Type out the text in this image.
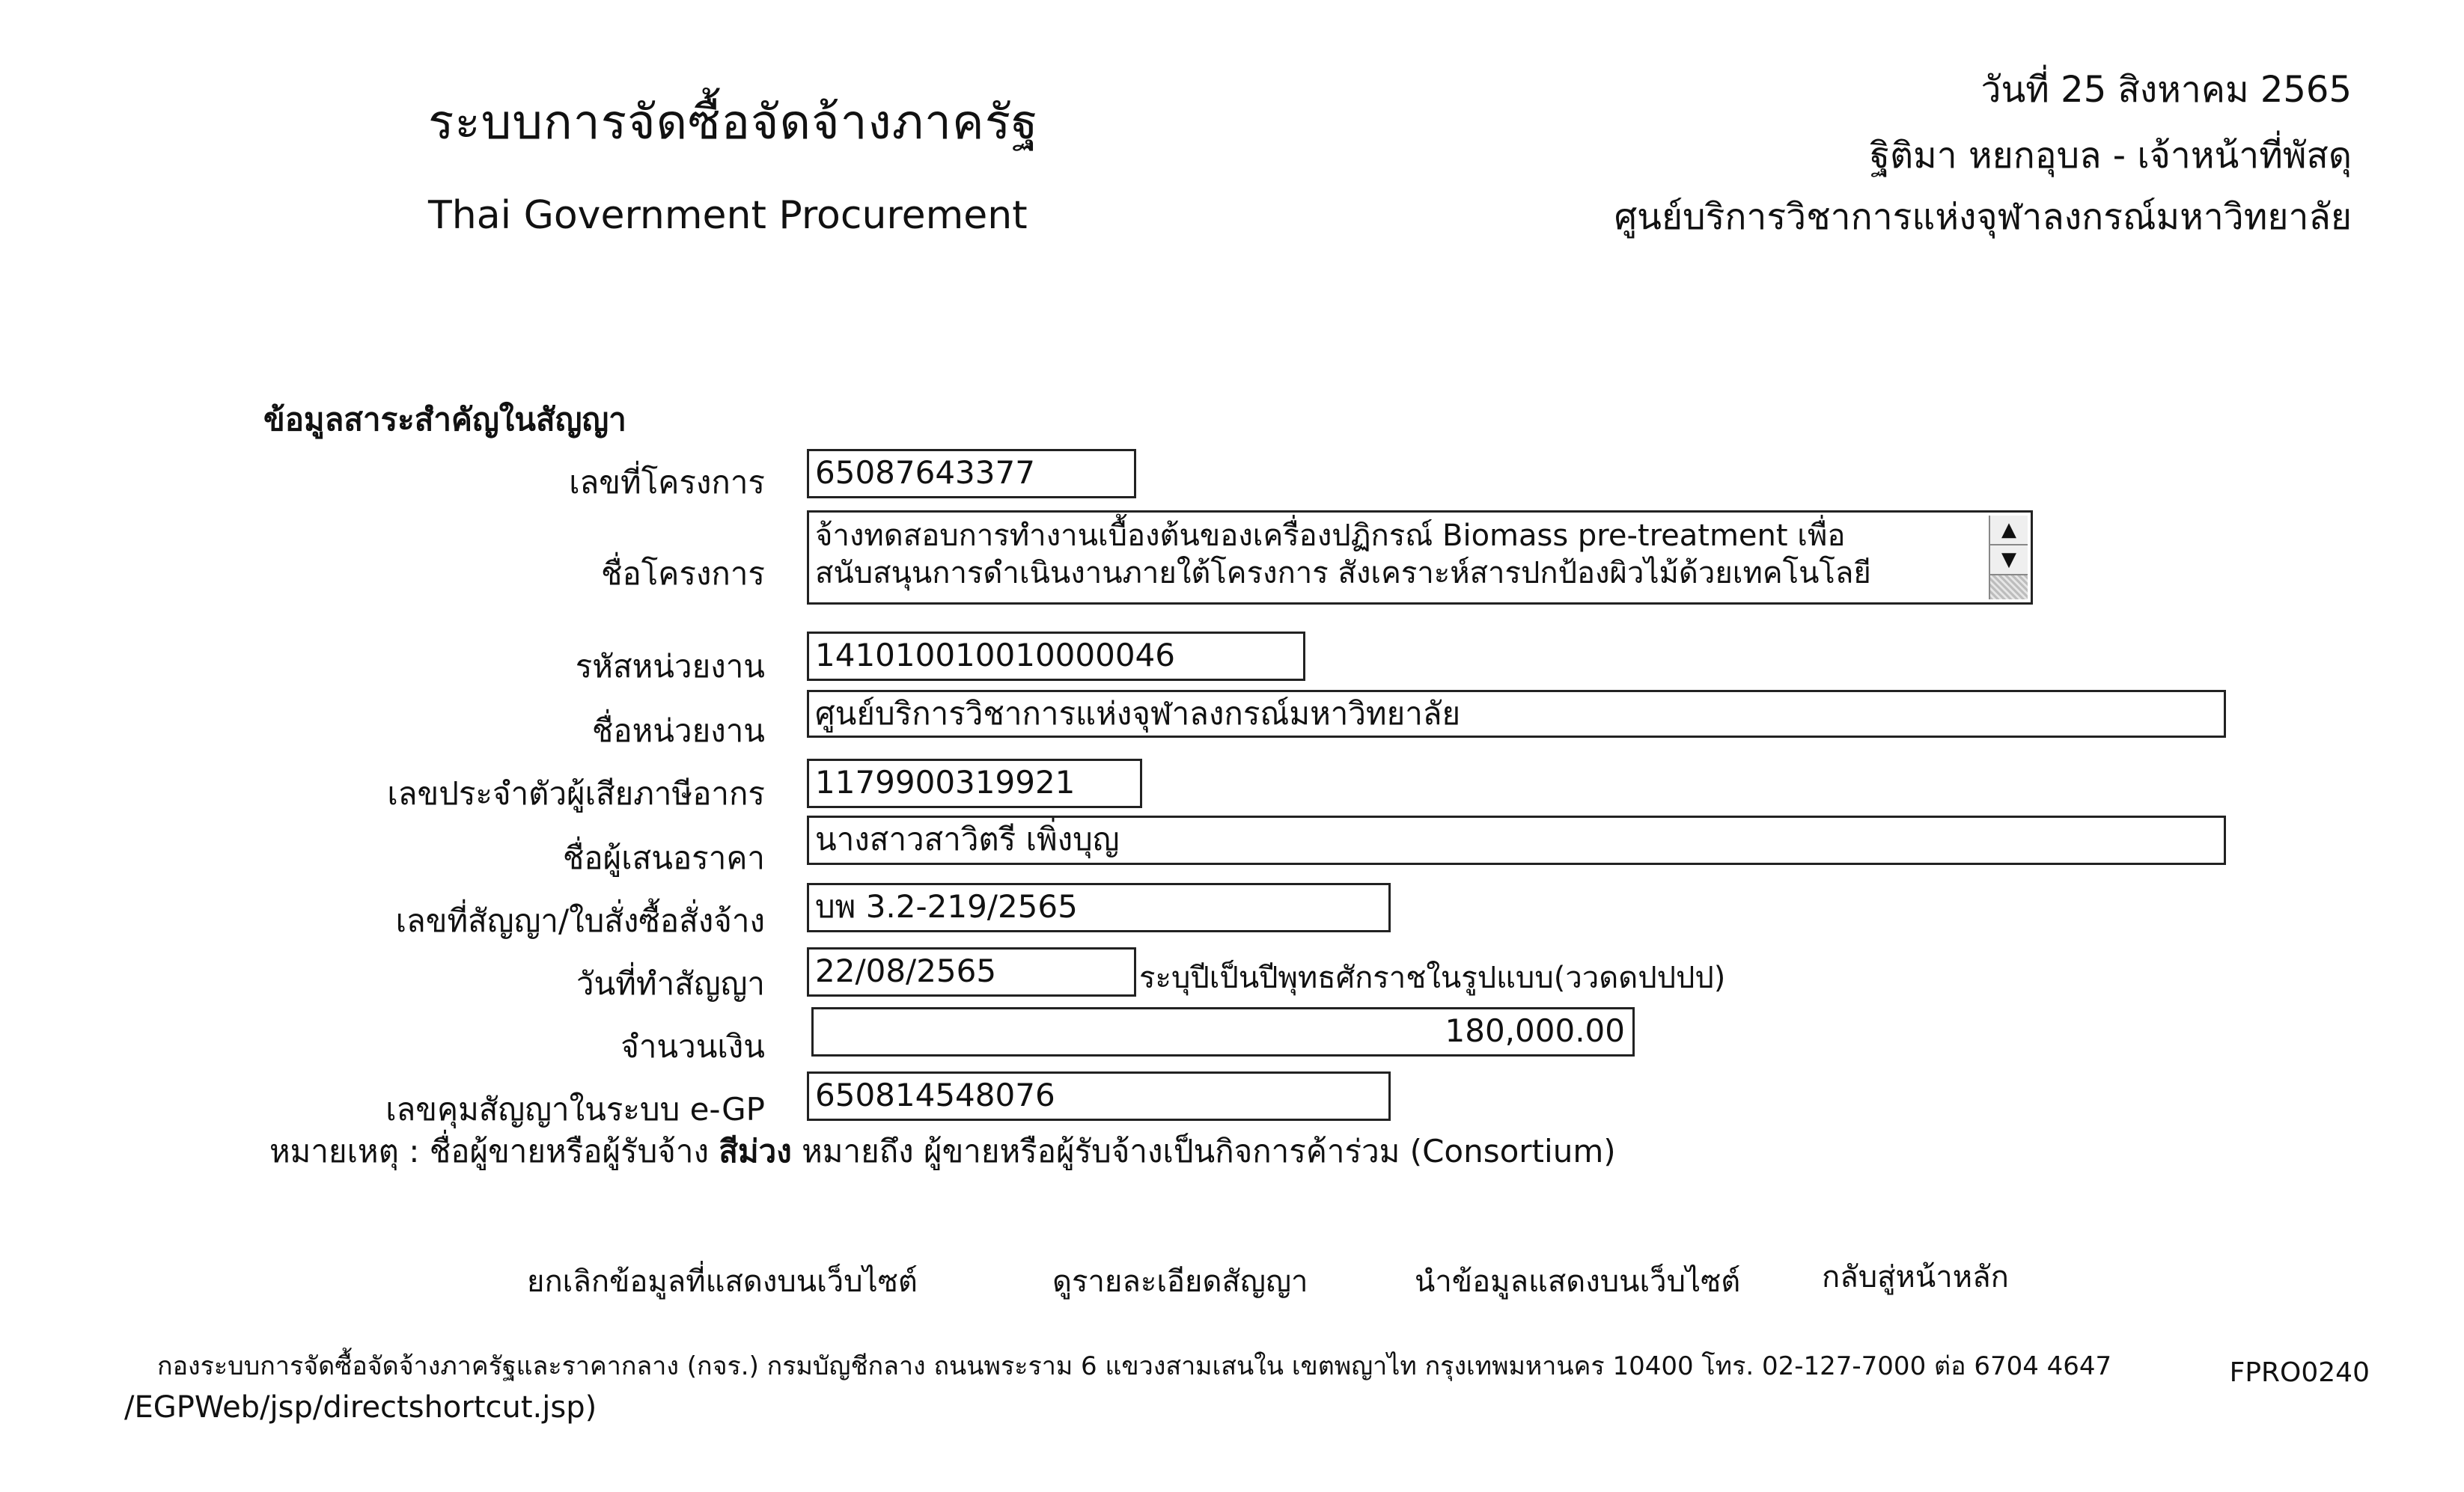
ระบบการจัดซื้อจัดจ้างภาครัฐ
Thai Government Procurement
วันที่ 25 สิงหาคม 2565
ฐิติมา หยกอุบล - เจ้าหน้าที่พัสดุ
ศูนย์บริการวิชาการแห่งจุฬาลงกรณ์มหาวิทยาลัย
ข้อมูลสาระสำคัญในสัญญา
เลขที่โครงการ 65087643377
ชื่อโครงการ
จ้างทดสอบการทำงานเบื้องต้นของเครื่องปฏิกรณ์ Biomass pre-treatment เพื่อ
สนับสนุนการดำเนินงานภายใต้โครงการ สังเคราะห์สารปกป้องผิวไม้ด้วยเทคโนโลยี
▲
▼
รหัสหน่วยงาน 141010010010000046
ชื่อหน่วยงาน ศูนย์บริการวิชาการแห่งจุฬาลงกรณ์มหาวิทยาลัย
เลขประจำตัวผู้เสียภาษีอากร 1179900319921
ชื่อผู้เสนอราคา
นางสาวสาวิตรี เพิ่งบุญ
เลขที่สัญญา/ใบสั่งซื้อสั่งจ้าง บพ 3.2-219/2565
วันที่ทำสัญญา 22/08/2565	ระบุปีเป็นปีพุทธศักราชในรูปแบบ(ววดดปปปป)
จำนวนเงิน	180,000.00
เลขคุมสัญญาในระบบ e-GP 650814548076
หมายเหตุ : ชื่อผู้ขายหรือผู้รับจ้าง สีม่วง หมายถึง ผู้ขายหรือผู้รับจ้างเป็นกิจการค้าร่วม (Consortium)
ยกเลิกข้อมูลที่แสดงบนเว็บไซต์	ดูรายละเอียดสัญญา	นำข้อมูลแสดงบนเว็บไซต์	กลับสู่หน้าหลัก
กองระบบการจัดซื้อจัดจ้างภาครัฐและราคากลาง (กจร.) กรมบัญชีกลาง ถนนพระราม 6 แขวงสามเสนใน เขตพญาไท กรุงเทพมหานคร 10400 โทร. 02-127-7000 ต่อ 6704 4647	FPRO0240
/EGPWeb/jsp/directshortcut.jsp)
